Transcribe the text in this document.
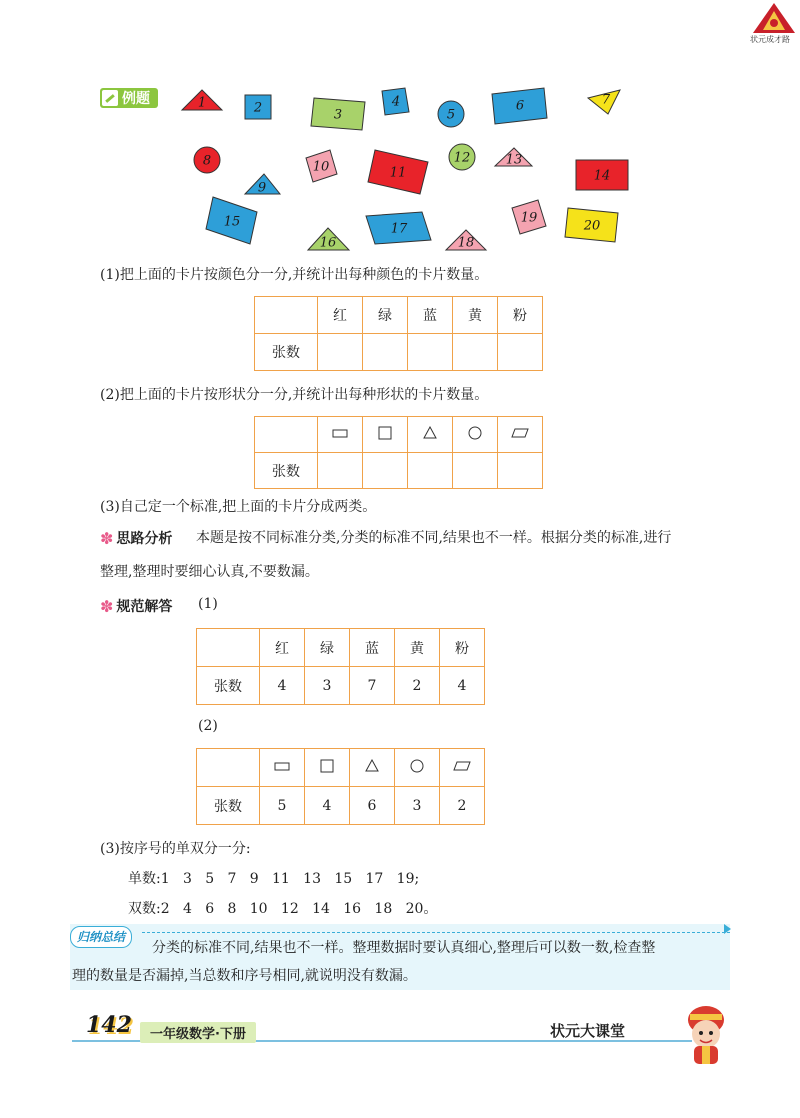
状元成才路
例题	1	2	3
4
5
6	7
8
9
10	11
12	13
14
15
16
17
18
19
20
(1)把上面的卡片按颜色分一分,并统计出每种颜色的卡片数量。
	红	绿	蓝	黄	粉
张数					
(2)把上面的卡片按形状分一分,并统计出每种形状的卡片数量。

张数					
(3)自己定一个标准,把上面的卡片分成两类。
✽ 思路分析 本题是按不同标准分类,分类的标准不同,结果也不一样。根据分类的标准,进行
整理,整理时要细心认真,不要数漏。
✽ 规范解答 (1)
	红	绿	蓝	黄	粉
张数	4	3	7	2	4
(2)

张数	5	4	6	3	2
(3)按序号的单双分一分:
单数:1   3   5   7   9   11   13   15   17   19;
双数:2   4   6   8   10   12   14   16   18   20。
归纳总结
分类的标准不同,结果也不一样。整理数据时要认真细心,整理后可以数一数,检查整
理的数量是否漏掉,当总数和序号相同,就说明没有数漏。
142	一年级数学·下册	状元大课堂
